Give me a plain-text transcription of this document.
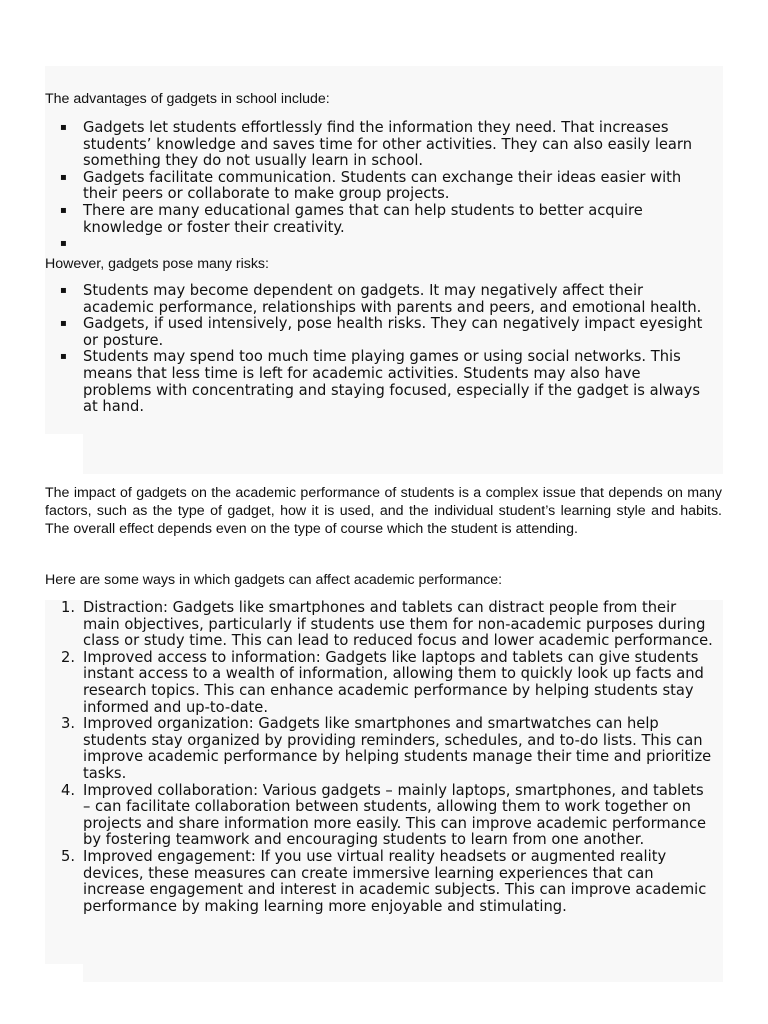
The advantages of gadgets in school include:

▪ Gadgets let students effortlessly find the information they need. That increases students’ knowledge and saves time for other activities. They can also easily learn something they do not usually learn in school.
▪ Gadgets facilitate communication. Students can exchange their ideas easier with their peers or collaborate to make group projects.
▪ There are many educational games that can help students to better acquire knowledge or foster their creativity.
▪

However, gadgets pose many risks:

▪ Students may become dependent on gadgets. It may negatively affect their academic performance, relationships with parents and peers, and emotional health.
▪ Gadgets, if used intensively, pose health risks. They can negatively impact eyesight or posture.
▪ Students may spend too much time playing games or using social networks. This means that less time is left for academic activities. Students may also have problems with concentrating and staying focused, especially if the gadget is always at hand.

The impact of gadgets on the academic performance of students is a complex issue that depends on many factors, such as the type of gadget, how it is used, and the individual student’s learning style and habits. The overall effect depends even on the type of course which the student is attending.

Here are some ways in which gadgets can affect academic performance:

1. Distraction: Gadgets like smartphones and tablets can distract people from their main objectives, particularly if students use them for non-academic purposes during class or study time. This can lead to reduced focus and lower academic performance.
2. Improved access to information: Gadgets like laptops and tablets can give students instant access to a wealth of information, allowing them to quickly look up facts and research topics. This can enhance academic performance by helping students stay informed and up-to-date.
3. Improved organization: Gadgets like smartphones and smartwatches can help students stay organized by providing reminders, schedules, and to-do lists. This can improve academic performance by helping students manage their time and prioritize tasks.
4. Improved collaboration: Various gadgets – mainly laptops, smartphones, and tablets – can facilitate collaboration between students, allowing them to work together on projects and share information more easily. This can improve academic performance by fostering teamwork and encouraging students to learn from one another.
5. Improved engagement: If you use virtual reality headsets or augmented reality devices, these measures can create immersive learning experiences that can increase engagement and interest in academic subjects. This can improve academic performance by making learning more enjoyable and stimulating.
